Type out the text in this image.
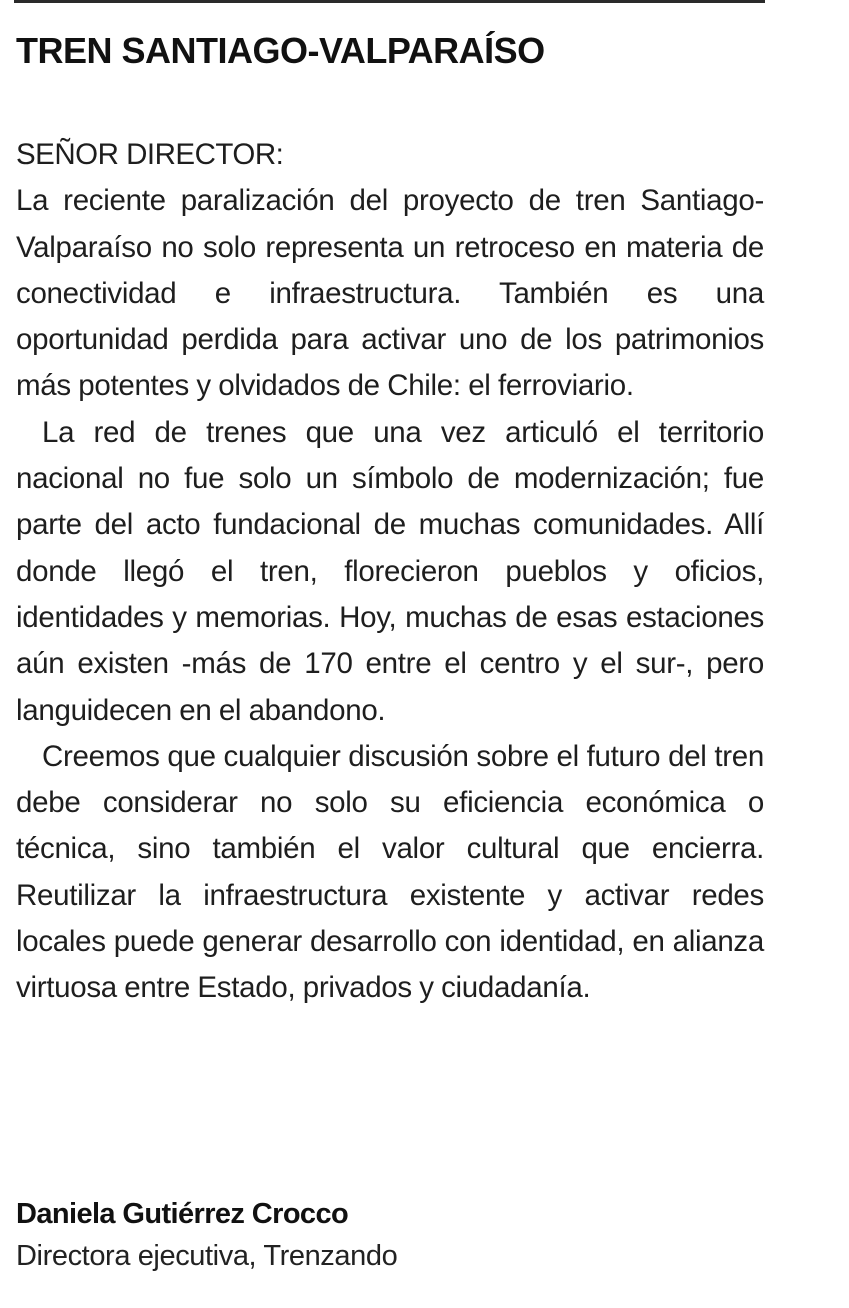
TREN SANTIAGO-VALPARAÍSO

SEÑOR DIRECTOR:

La reciente paralización del proyecto de tren Santiago-Valparaíso no solo representa un retroceso en materia de conectividad e infraestructura. También es una oportunidad perdida para activar uno de los patrimonios más potentes y olvidados de Chile: el ferroviario.

La red de trenes que una vez articuló el territorio nacional no fue solo un símbolo de modernización; fue parte del acto fundacional de muchas comunidades. Allí donde llegó el tren, florecieron pueblos y oficios, identidades y memorias. Hoy, muchas de esas estaciones aún existen -más de 170 entre el centro y el sur-, pero languidecen en el abandono.

Creemos que cualquier discusión sobre el futuro del tren debe considerar no solo su eficiencia económica o técnica, sino también el valor cultural que encierra. Reutilizar la infraestructura existente y activar redes locales puede generar desarrollo con identidad, en alianza virtuosa entre Estado, privados y ciudadanía.

Daniela Gutiérrez Crocco

Directora ejecutiva, Trenzando
